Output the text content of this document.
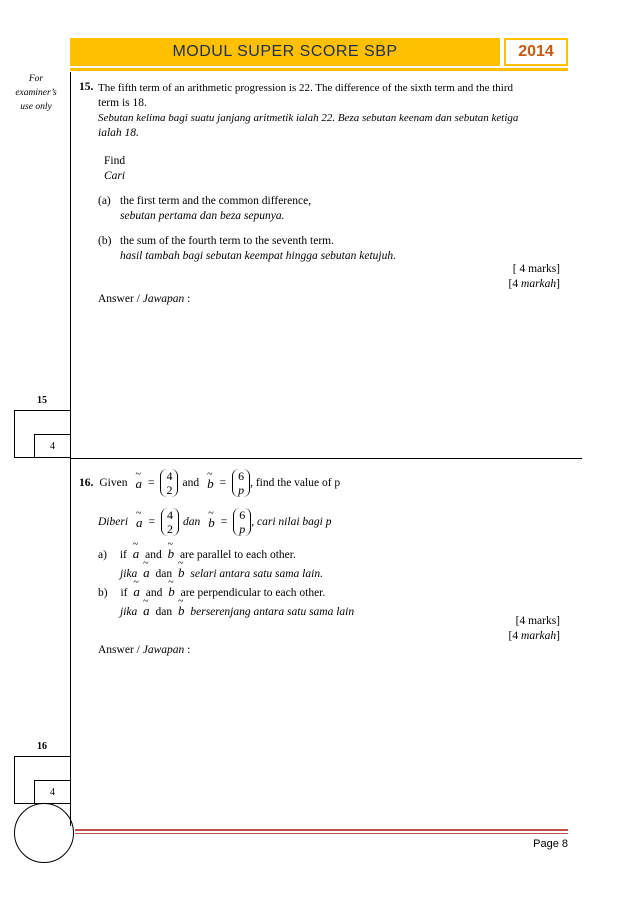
MODUL SUPER SCORE SBP	2014
For
examiner’s
use only
15. The fifth term of an arithmetic progression is 22. The difference of the sixth term and the third
term is 18.
Sebutan kelima bagi suatu janjang aritmetik ialah 22. Beza sebutan keenam dan sebutan ketiga
ialah 18.
Find
Cari
(a) the first term and the common difference,
sebutan pertama dan beza sepunya.
(b) the sum of the fourth term to the seventh term.
hasil tambah bagi sebutan keempat hingga sebutan ketujuh.
[ 4 marks]
[4 markah]
Answer / Jawapan :
15
4
16. Given ~ a = 4
2
and ~ b = 6
p
, find the value of p
Diberi ~ a = 4
2
dan ~ b = 6
p
, cari nilai bagi p
a) if ~ a and ~ b are parallel to each other.
jika ~ a dan ~ b selari antara satu sama lain.
b) if ~ a and ~ b are perpendicular to each other.
jika ~ a dan ~ b berserenjang antara satu sama lain
[4 marks]
[4 markah]
Answer / Jawapan :
16
4
Page 8
